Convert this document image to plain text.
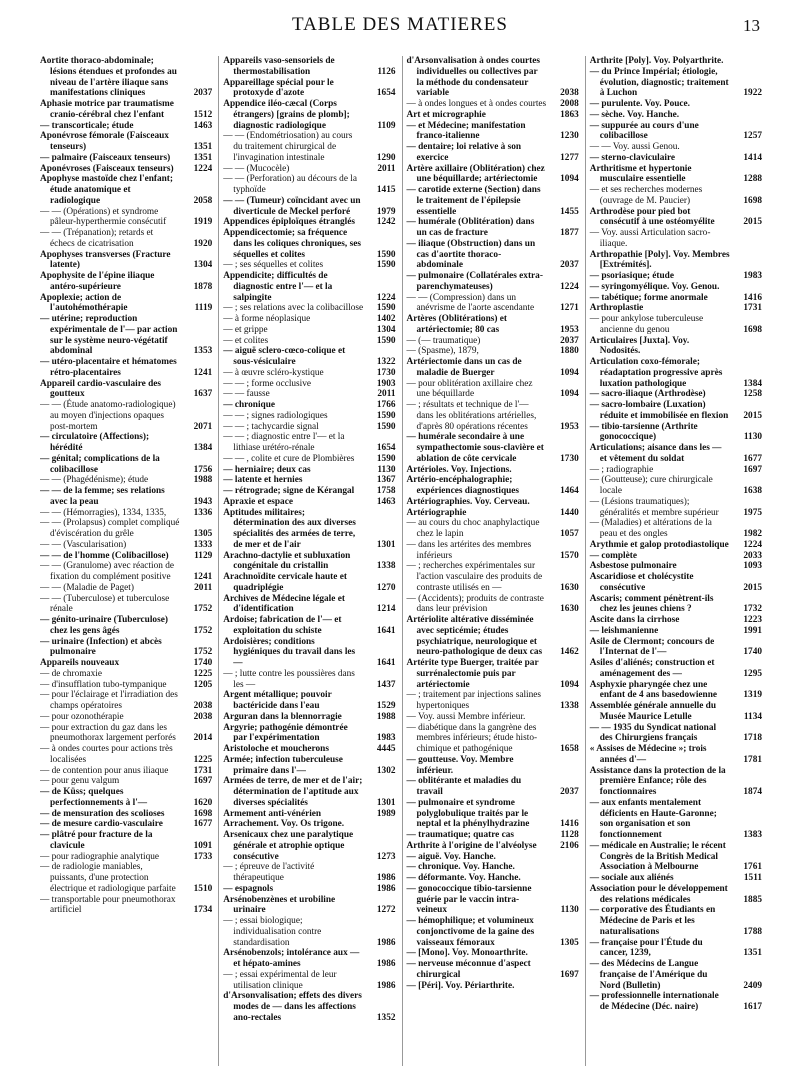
TABLE DES MATIERES	13
Aortite thoraco-abdominale; lésions étendues et profondes au niveau de l'artère iliaque sans manifestations cliniques	2037
Aphasie motrice par traumatisme cranio-cérébral chez l'enfant	1512
— transcorticale; étude	1463
Aponévrose fémorale (Faisceaux tenseurs)	1351
— palmaire (Faisceaux tenseurs)	1351
Aponévroses (Faisceaux tenseurs)	1224
Apophyse mastoïde chez l'enfant; étude anatomique et radiologique	2058
— — (Opérations) et syndrome pâleur-hyperthermie consécutif	1919
— — (Trépanation); retards et échecs de cicatrisation	1920
Apophyses transverses (Fracture latente)	1304
Apophysite de l'épine iliaque antéro-supérieure	1878
Apoplexie; action de l'autohémothérapie	1119
— utérine; reproduction expérimentale de l'— par action sur le système neuro-végétatif abdominal	1353
— utéro-placentaire et hématomes rétro-placentaires	1241
Appareil cardio-vasculaire des goutteux	1637
— — (Étude anatomo-radiologique) au moyen d'injections opaques post-mortem	2071
— circulatoire (Affections); hérédité	1384
— génital; complications de la colibacillose	1756
— — (Phagédénisme); étude	1988
— — de la femme; ses relations avec la peau	1943
— — (Hémorragies), 1334, 1335,	1336
— — (Prolapsus) complet compliqué d'éviscération du grêle	1305
— — (Vascularisation)	1333
— — de l'homme (Colibacillose)	1129
— — (Granulome) avec réaction de fixation du complément positive	1241
— — (Maladie de Paget)	2011
— — (Tuberculose) et tuberculose rénale	1752
— génito-urinaire (Tuberculose) chez les gens âgés	1752
— urinaire (Infection) et abcès pulmonaire	1752
Appareils nouveaux	1740
— de chromaxie	1225
— d'insufflation tubo-tympanique	1205
— pour l'éclairage et l'irradiation des champs opératoires	2038
— pour ozonothérapie	2038
— pour extraction du gaz dans les pneumothorax largement perforés	2014
— à ondes courtes pour actions très localisées	1225
— de contention pour anus iliaque	1731
— pour genu valgum	1697
— de Küss; quelques perfectionnements à l'—	1620
— de mensuration des scolioses	1698
— de mesure cardio-vasculaire	1677
— plâtré pour fracture de la clavicule	1091
— pour radiographie analytique	1733
— de radiologie maniables, puissants, d'une protection électrique et radiologique parfaite	1510
— transportable pour pneumothorax artificiel	1734
Appareils vaso-sensoriels de thermostabilisation	1126
Appareillage spécial pour le protoxyde d'azote	1654
Appendice iléo-cæcal (Corps étrangers) [grains de plomb]; diagnostic radiologique	1109
— — (Endométriosation) au cours du traitement chirurgical de l'invagination intestinale	1290
— — (Mucocèle)	2011
— — (Perforation) au décours de la typhoïde	1415
— — (Tumeur) coïncidant avec un diverticule de Meckel perforé	1979
Appendices épiploïques étranglés	1242
Appendicectomie; sa fréquence dans les coliques chroniques, ses séquelles et colites	1590
— ; ses séquelles et colites	1590
Appendicite; difficultés de diagnostic entre l'— et la salpingite	1224
— ; ses relations avec la colibacillose	1590
— à forme néoplasique	1402
— et grippe	1304
— et colites	1590
— aiguë sclero-cœco-colique et sous-vésiculaire	1322
— à œuvre scléro-kystique	1730
— — ; forme occlusive	1903
— — fausse	2011
— chronique	1766
— — ; signes radiologiques	1590
— — ; tachycardie signal	1590
— — ; diagnostic entre l'— et la lithiase urétéro-rénale	1654
— — , colite et cure de Plombières	1590
— herniaire; deux cas	1130
— latente et hernies	1367
— rétrograde; signe de Kérangal	1758
Apraxie et espace	1463
Aptitudes militaires; détermination des aux diverses spécialités des armées de terre, de mer et de l'air	1301
Arachno-dactylie et subluxation congénitale du cristallin	1338
Arachnoïdite cervicale haute et quadriplégie	1270
Archives de Médecine légale et d'identification	1214
Ardoise; fabrication de l'— et exploitation du schiste	1641
Ardoisières; conditions hygiéniques du travail dans les —	1641
— ; lutte contre les poussières dans les —	1437
Argent métallique; pouvoir bactéricide dans l'eau	1529
Arguran dans la blennorragie	1988
Argyrie; pathogénie démontrée par l'expérimentation	1983
Aristoloche et moucherons	4445
Armée; infection tuberculeuse primaire dans l'—	1302
Armées de terre, de mer et de l'air; détermination de l'aptitude aux diverses spécialités	1301
Armement anti-vénérien	1989
Arrachement. Voy. Os trigone.
Arsenicaux chez une paralytique générale et atrophie optique consécutive	1273
— ; épreuve de l'activité thérapeutique	1986
— espagnols	1986
Arsénobenzènes et urobiline urinaire	1272
— ; essai biologique; individualisation contre standardisation	1986
Arsénobenzols; intolérance aux — et hépato-amines	1986
— ; essai expérimental de leur utilisation clinique	1986
d'Arsonvalisation; effets des divers modes de — dans les affections ano-rectales	1352
d'Arsonvalisation à ondes courtes individuelles ou collectives par la méthode du condensateur variable	2038
— à ondes longues et à ondes courtes	2008
Art et micrographie	1863
— et Médecine; manifestation franco-italienne	1230
— dentaire; loi relative à son exercice	1277
Artère axillaire (Oblitération) chez une béquillarde; artériectomie	1094
— carotide externe (Section) dans le traitement de l'épilepsie essentielle	1455
— humérale (Oblitération) dans un cas de fracture	1877
— iliaque (Obstruction) dans un cas d'aortite thoraco-abdominale	2037
— pulmonaire (Collatérales extra-parenchymateuses)	1224
— — (Compression) dans un anévrisme de l'aorte ascendante	1271
Artères (Oblitérations) et artériectomie; 80 cas	1953
— (— traumatique)	2037
— (Spasme), 1879,	1880
Artériectomie dans un cas de maladie de Buerger	1094
— pour oblitération axillaire chez une béquillarde	1094
— ; résultats et technique de l'— dans les oblitérations artérielles, d'après 80 opérations récentes	1953
— humérale secondaire à une sympathectomie sous-clavière et ablation de côte cervicale	1730
Artérioles. Voy. Injections.
Artério-encéphalographie; expériences diagnostiques	1464
Artériographies. Voy. Cerveau.
Artériographie	1440
— au cours du choc anaphylactique chez le lapin	1057
— dans les artérites des membres inférieurs	1570
— ; recherches expérimentales sur l'action vasculaire des produits de contraste utilisés en —	1630
— (Accidents); produits de contraste dans leur prévision	1630
Artériolite altérative disséminée avec septicémie; études psychiatrique, neurologique et neuro-pathologique de deux cas	1462
Artérite type Buerger, traitée par surrénalectomie puis par artériectomie	1094
— ; traitement par injections salines hypertoniques	1338
— Voy. aussi Membre inférieur.
— diabétique dans la gangrène des membres inférieurs; étude histo-chimique et pathogénique	1658
— goutteuse. Voy. Membre inférieur.
— oblitérante et maladies du travail	2037
— pulmonaire et syndrome polyglobulique traités par le neptal et la phénylhydrazine	1416
— traumatique; quatre cas	1128
Arthrite à l'origine de l'alvéolyse	2106
— aiguë. Voy. Hanche.
— chronique. Voy. Hanche.
— déformante. Voy. Hanche.
— gonococcique tibio-tarsienne guérie par le vaccin intra-veineux	1130
— hémophilique; et volumineux conjonctivome de la gaine des vaisseaux fémoraux	1305
— [Mono]. Voy. Monoarthrite.
— nerveuse méconnue d'aspect chirurgical	1697
— [Péri]. Voy. Périarthrite.
Arthrite [Poly]. Voy. Polyarthrite.
— du Prince Impérial; étiologie, évolution, diagnostic; traitement à Luchon	1922
— purulente. Voy. Pouce.
— sèche. Voy. Hanche.
— suppurée au cours d'une colibacillose	1257
— — Voy. aussi Genou.
— sterno-claviculaire	1414
Arthritisme et hypertonie musculaire essentielle	1288
— et ses recherches modernes (ouvrage de M. Paucier)	1698
Arthrodèse pour pied bot consécutif à une ostéomyélite	2015
— Voy. aussi Articulation sacro-iliaque.
Arthropathie [Poly]. Voy. Membres [Extrémités].
— psoriasique; étude	1983
— syringomyélique. Voy. Genou.
— tabétique; forme anormale	1416
Arthroplastie	1731
— pour ankylose tuberculeuse ancienne du genou	1698
Articulaires [Juxta]. Voy. Nodosités.
Articulation coxo-fémorale; réadaptation progressive après luxation pathologique	1384
— sacro-iliaque (Arthrodèse)	1258
— sacro-lombaire (Luxation) réduite et immobilisée en flexion	2015
— tibio-tarsienne (Arthrite gonococcique)	1130
Articulations; aisance dans les — et vêtement du soldat	1677
— ; radiographie	1697
— (Goutteuse); cure chirurgicale locale	1638
— (Lésions traumatiques); généralités et membre supérieur	1975
— (Maladies) et altérations de la peau et des ongles	1982
Arythmie et galop protodiastolique	1224
— complète	2033
Asbestose pulmonaire	1093
Ascaridiose et cholécystite consécutive	2015
Ascaris; comment pénètrent-ils chez les jeunes chiens ?	1732
Ascite dans la cirrhose	1223
— leishmanienne	1991
Asile de Clermont; concours de l'Internat de l'—	1740
Asiles d'aliénés; construction et aménagement des —	1295
Asphyxie pharyngée chez une enfant de 4 ans basedowienne	1319
Assemblée générale annuelle du Musée Maurice Letulle	1134
— — 1935 du Syndicat national des Chirurgiens français	1718
« Assises de Médecine »; trois années d'—	1781
Assistance dans la protection de la première Enfance; rôle des fonctionnaires	1874
— aux enfants mentalement déficients en Haute-Garonne; son organisation et son fonctionnement	1383
— médicale en Australie; le récent Congrès de la British Medical Association à Melbourne	1761
— sociale aux aliénés	1511
Association pour le développement des relations médicales	1885
— corporative des Étudiants en Médecine de Paris et les naturalisations	1788
— française pour l'Étude du cancer, 1239,	1351
— des Médecins de Langue française de l'Amérique du Nord (Bulletin)	2409
— professionnelle internationale de Médecine (Déc. naire)	1617
